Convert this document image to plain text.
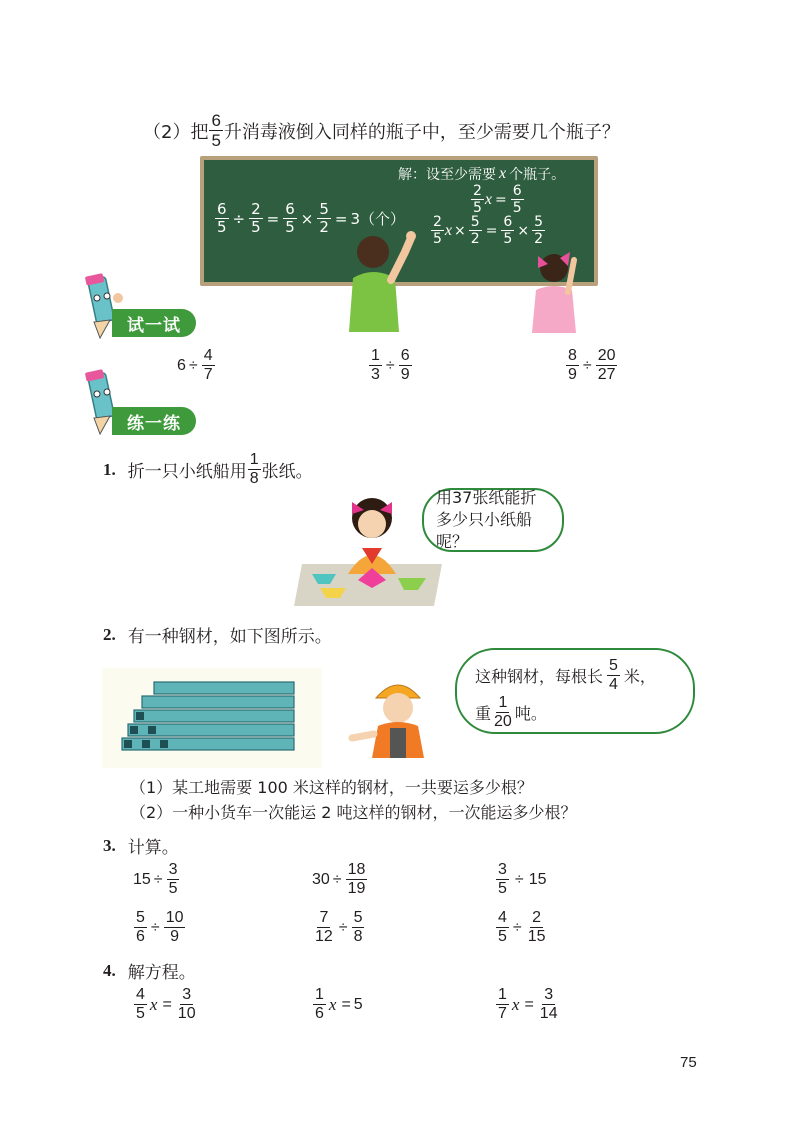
（2）把 $\frac{6}{5}$ 升消毒液倒入同样的瓶子中，至少需要几个瓶子？
$\frac{6}{5} \div \frac{2}{5} = \frac{6}{5} \times \frac{5}{2} = 3$（个）
解：设至少需要 x 个瓶子。
$\frac{2}{5}$ $x = \frac{6}{5}$
$\frac{2}{5}$ $x \times \frac{5}{2} = \frac{6}{5} \times \frac{5}{2}$
试一试
$6 \div \frac{4}{7}$	$\frac{1}{3} \div \frac{6}{9}$	$\frac{8}{9} \div \frac{20}{27}$
练一练
1. 折一只小纸船用 $\frac{1}{8}$ 张纸。
用37张纸能折多少只小纸船呢？
2. 有一种钢材，如下图所示。
这种钢材，每根长 $\frac{5}{4}$ 米，
重 $\frac{1}{20}$ 吨。
（1）某工地需要 100 米这样的钢材，一共要运多少根？
（2）一种小货车一次能运 2 吨这样的钢材，一次能运多少根？
3. 计算。
$15 \div \frac{3}{5}$	$30 \div \frac{18}{19}$	$\frac{3}{5} \div 15$
$\frac{5}{6} \div \frac{10}{9}$	$\frac{7}{12} \div \frac{5}{8}$	$\frac{4}{5} \div \frac{2}{15}$
4. 解方程。
$\frac{4}{5}$ $x = \frac{3}{10}$	$\frac{1}{6}$ x = 5	$\frac{1}{7}$ $x = \frac{3}{14}$
75
